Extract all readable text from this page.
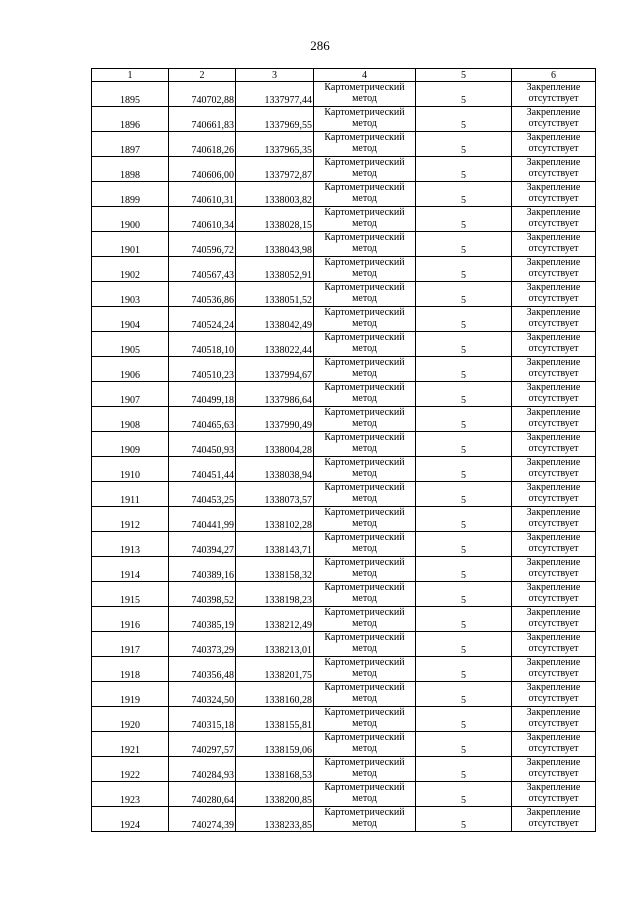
286
1	2	3	4	5	6
1895	740702,88	1337977,44	Картометрический
метод	5	Закрепление
отсутствует

1896	740661,83	1337969,55	Картометрический
метод	5	Закрепление
отсутствует

1897	740618,26	1337965,35	Картометрический
метод	5	Закрепление
отсутствует

1898	740606,00	1337972,87	Картометрический
метод	5	Закрепление
отсутствует

1899	740610,31	1338003,82	Картометрический
метод	5	Закрепление
отсутствует

1900	740610,34	1338028,15	Картометрический
метод	5	Закрепление
отсутствует

1901	740596,72	1338043,98	Картометрический
метод	5	Закрепление
отсутствует

1902	740567,43	1338052,91	Картометрический
метод	5	Закрепление
отсутствует

1903	740536,86	1338051,52	Картометрический
метод	5	Закрепление
отсутствует

1904	740524,24	1338042,49	Картометрический
метод	5	Закрепление
отсутствует

1905	740518,10	1338022,44	Картометрический
метод	5	Закрепление
отсутствует

1906	740510,23	1337994,67	Картометрический
метод	5	Закрепление
отсутствует

1907	740499,18	1337986,64	Картометрический
метод	5	Закрепление
отсутствует

1908	740465,63	1337990,49	Картометрический
метод	5	Закрепление
отсутствует

1909	740450,93	1338004,28	Картометрический
метод	5	Закрепление
отсутствует

1910	740451,44	1338038,94	Картометрический
метод	5	Закрепление
отсутствует

1911	740453,25	1338073,57	Картометрический
метод	5	Закрепление
отсутствует

1912	740441,99	1338102,28	Картометрический
метод	5	Закрепление
отсутствует

1913	740394,27	1338143,71	Картометрический
метод	5	Закрепление
отсутствует

1914	740389,16	1338158,32	Картометрический
метод	5	Закрепление
отсутствует

1915	740398,52	1338198,23	Картометрический
метод	5	Закрепление
отсутствует

1916	740385,19	1338212,49	Картометрический
метод	5	Закрепление
отсутствует

1917	740373,29	1338213,01	Картометрический
метод	5	Закрепление
отсутствует

1918	740356,48	1338201,75	Картометрический
метод	5	Закрепление
отсутствует

1919	740324,50	1338160,28	Картометрический
метод	5	Закрепление
отсутствует

1920	740315,18	1338155,81	Картометрический
метод	5	Закрепление
отсутствует

1921	740297,57	1338159,06	Картометрический
метод	5	Закрепление
отсутствует

1922	740284,93	1338168,53	Картометрический
метод	5	Закрепление
отсутствует

1923	740280,64	1338200,85	Картометрический
метод	5	Закрепление
отсутствует

1924	740274,39	1338233,85	Картометрический
метод	5	Закрепление
отсутствует
